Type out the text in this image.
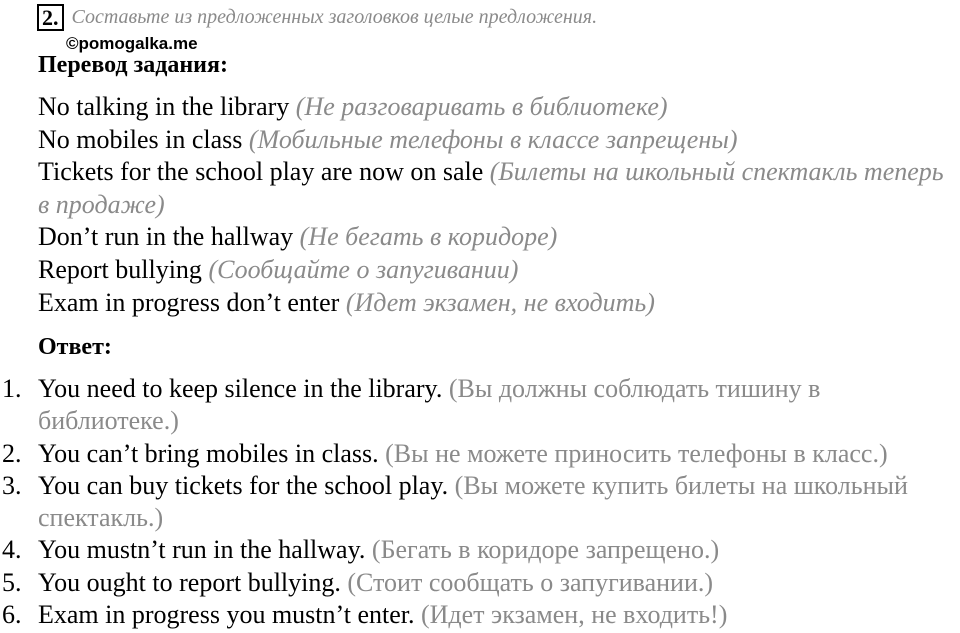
2. Составьте из предложенных заголовков целые предложения.
©pomogalka.me
Перевод задания:

No talking in the library (Не разговаривать в библиотеке)

No mobiles in class (Мобильные телефоны в классе запрещены)

Tickets for the school play are now on sale (Билеты на школьный спектакль теперь в продаже)

Don’t run in the hallway (Не бегать в коридоре)

Report bullying (Сообщайте о запугивании)

Exam in progress don’t enter (Идет экзамен, не входить)

Ответ:
1. You need to keep silence in the library. (Вы должны соблюдать тишину в библиотеке.)
2. You can’t bring mobiles in class. (Вы не можете приносить телефоны в класс.)
3. You can buy tickets for the school play. (Вы можете купить билеты на школьный спектакль.)
4. You mustn’t run in the hallway. (Бегать в коридоре запрещено.)
5. You ought to report bullying. (Стоит сообщать о запугивании.)
6. Exam in progress you mustn’t enter. (Идет экзамен, не входить!)
